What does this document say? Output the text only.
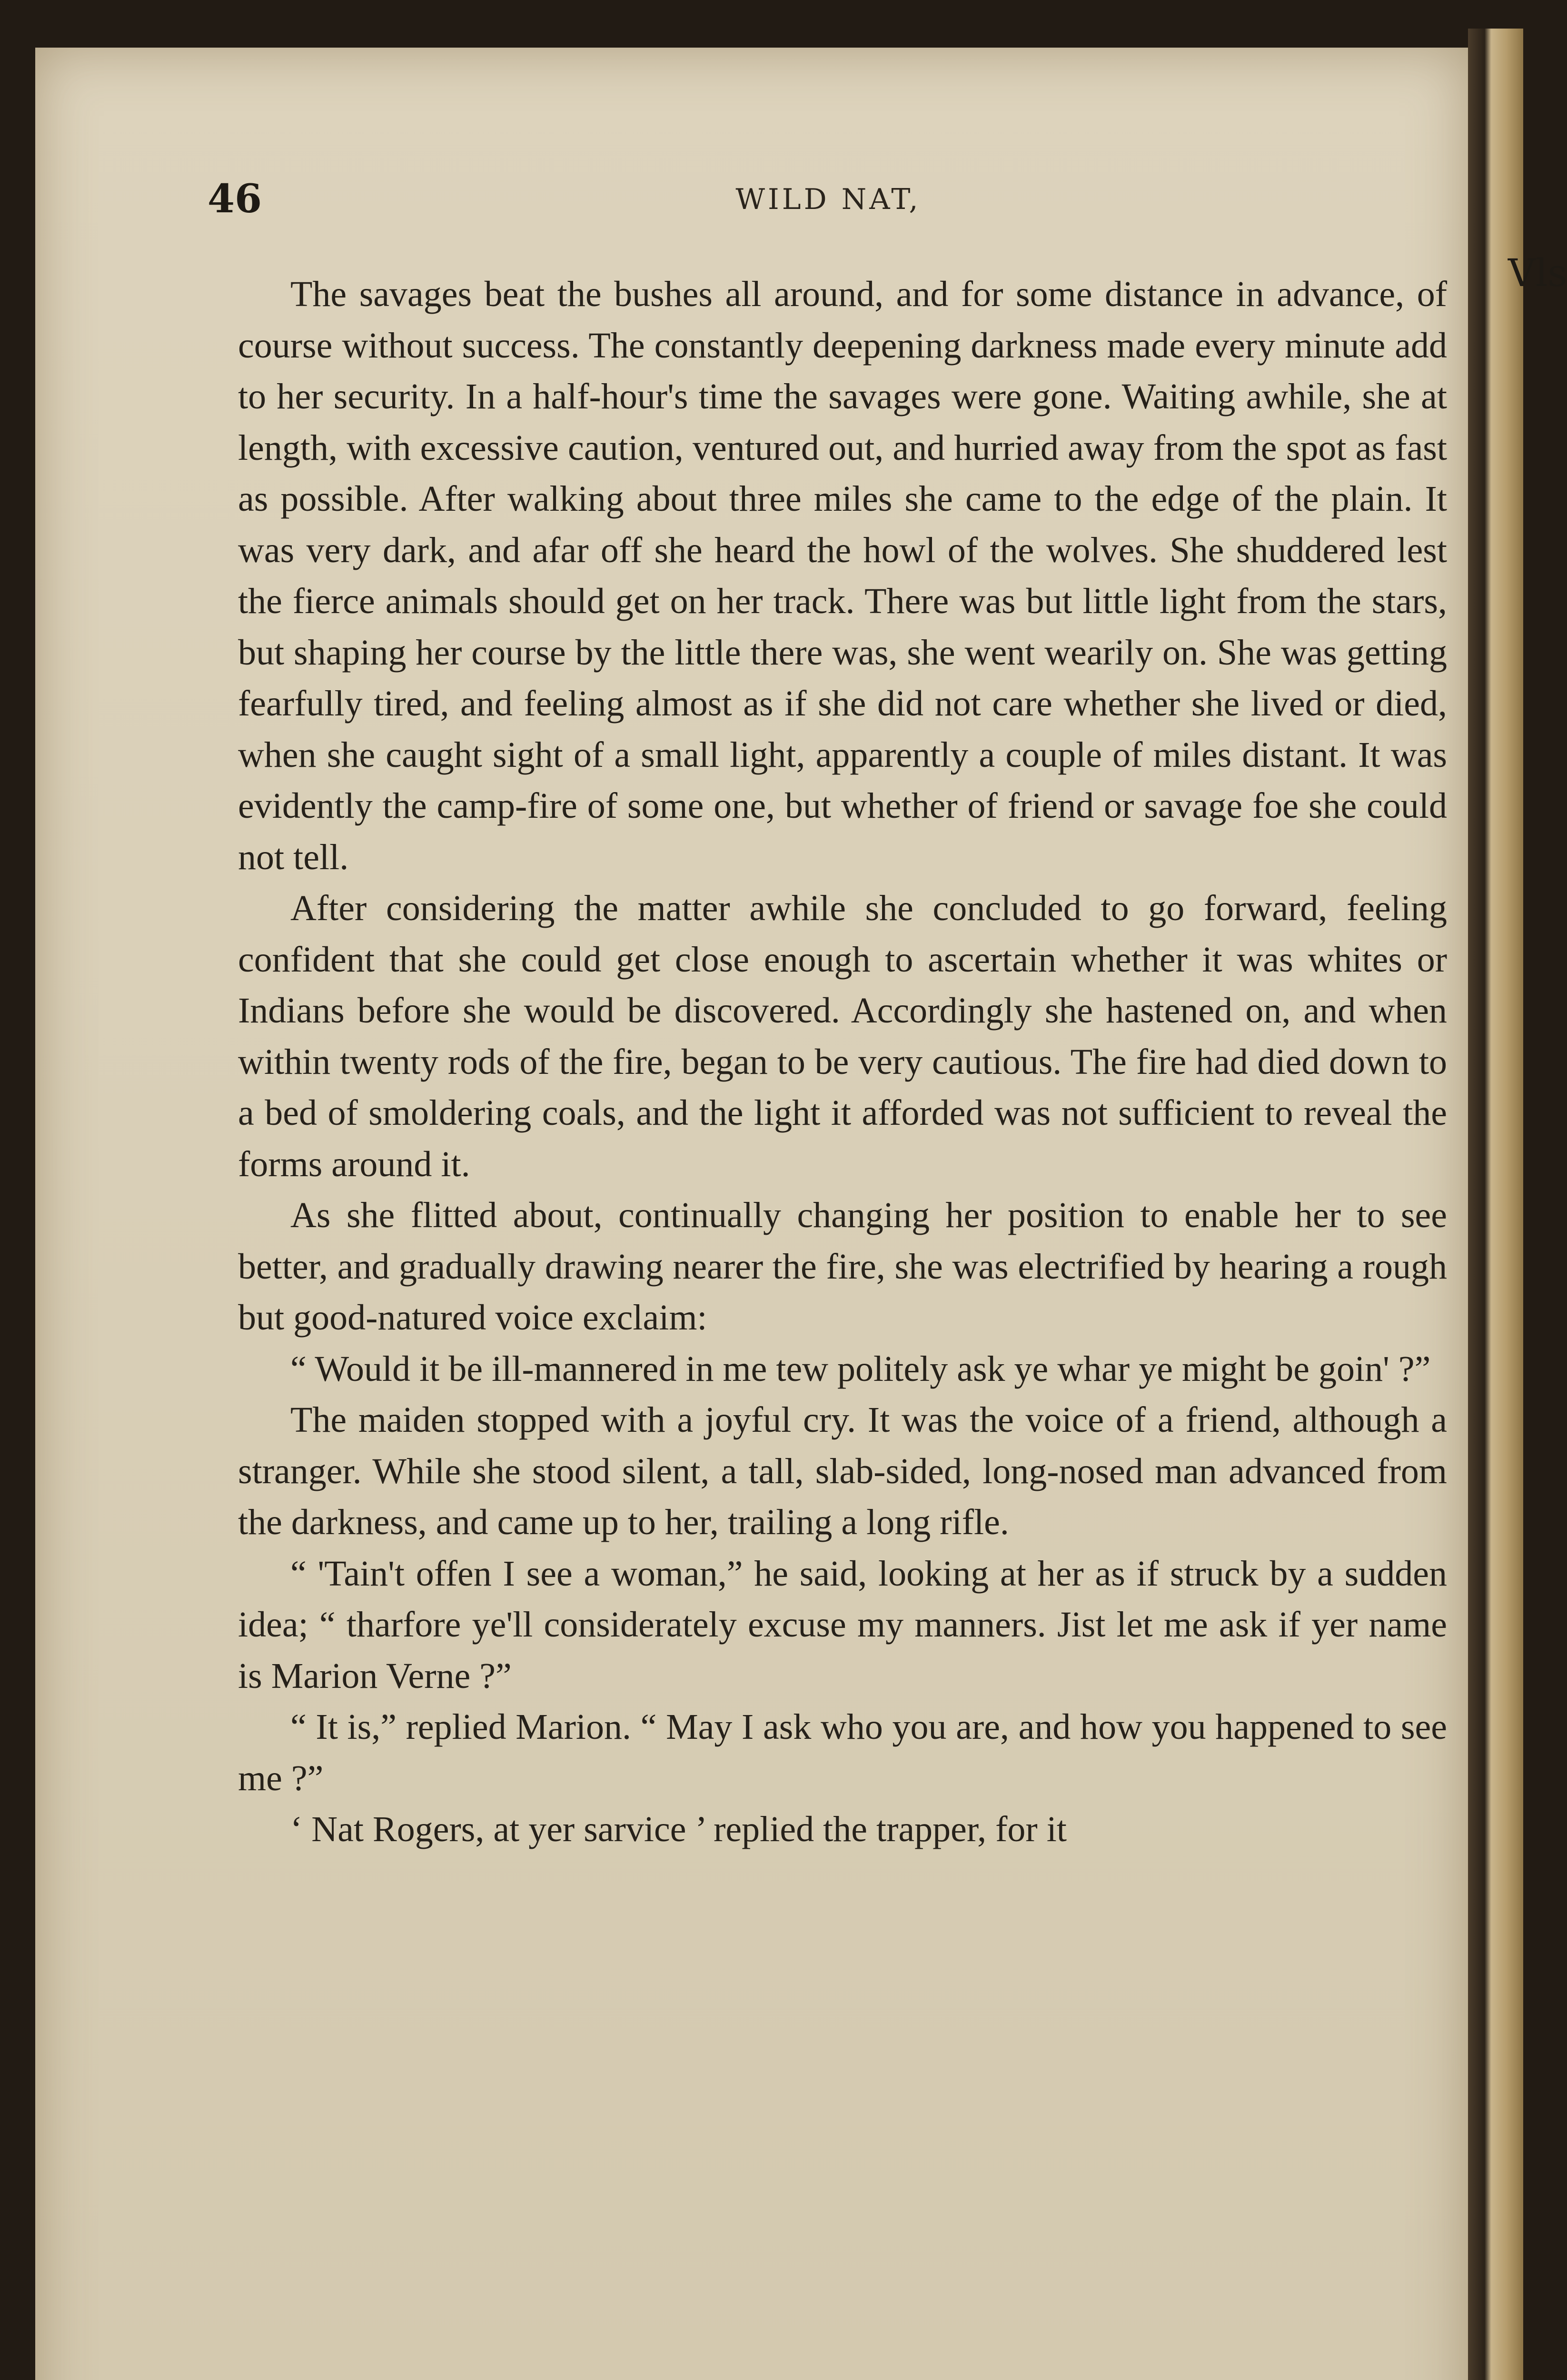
Vls
46	WILD NAT,

The savages beat the bushes all around, and for some distance in advance, of course without success. The constantly deepening darkness made every minute add to her security. In a half-hour's time the savages were gone. Waiting awhile, she at length, with excessive caution, ventured out, and hurried away from the spot as fast as possible. After walking about three miles she came to the edge of the plain. It was very dark, and afar off she heard the howl of the wolves. She shuddered lest the fierce animals should get on her track. There was but little light from the stars, but shaping her course by the little there was, she went wearily on. She was getting fearfully tired, and feeling almost as if she did not care whether she lived or died, when she caught sight of a small light, apparently a couple of miles distant. It was evidently the camp-fire of some one, but whether of friend or savage foe she could not tell.

After considering the matter awhile she concluded to go forward, feeling confident that she could get close enough to ascertain whether it was whites or Indians before she would be discovered. Accordingly she hastened on, and when within twenty rods of the fire, began to be very cautious. The fire had died down to a bed of smoldering coals, and the light it afforded was not sufficient to reveal the forms around it.

As she flitted about, continually changing her position to enable her to see better, and gradually drawing nearer the fire, she was electrified by hearing a rough but good-natured voice exclaim:

“ Would it be ill-mannered in me tew politely ask ye whar ye might be goin' ?”

The maiden stopped with a joyful cry. It was the voice of a friend, although a stranger. While she stood silent, a tall, slab-sided, long-nosed man advanced from the darkness, and came up to her, trailing a long rifle.

“ 'Tain't offen I see a woman,” he said, looking at her as if struck by a sudden idea; “ tharfore ye'll considerately excuse my manners. Jist let me ask if yer name is Marion Verne ?”

“ It is,” replied Marion. “ May I ask who you are, and how you happened to see me ?”

‘ Nat Rogers, at yer sarvice ’ replied the trapper, for it
